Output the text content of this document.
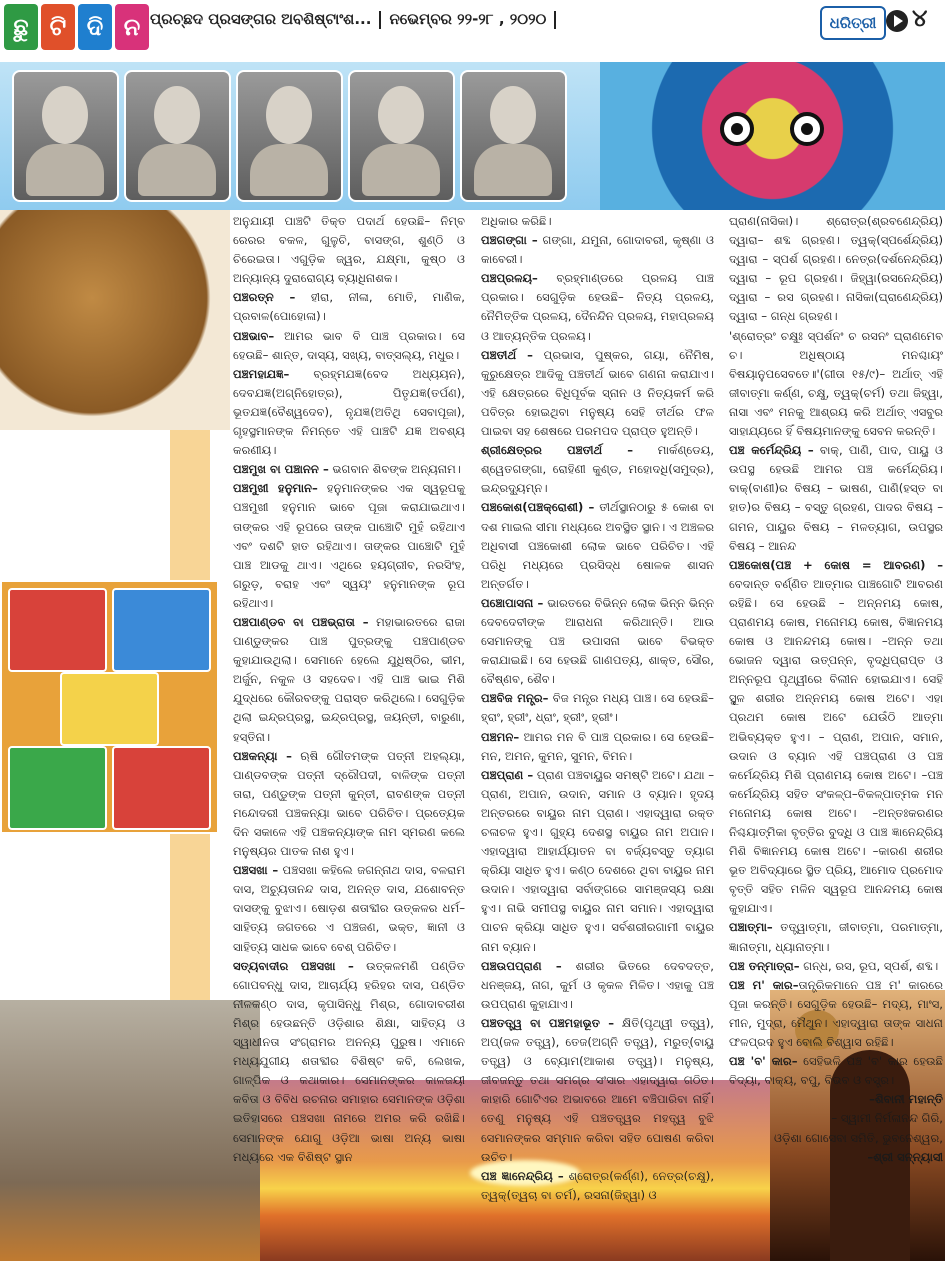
ଛୁ ଟି ଦି ନ ପ୍ରଚ୍ଛଦ ପ୍ରସଙ୍ଗର ଅବଶିଷ୍ଟାଂଶ... ନଭେମ୍ବର ୨୨-୨୮ , ୨୦୨୦	ଧରିତ୍ରୀ	୪

ଅନୁଯାୟୀ ପାଞ୍ଚଟି ତିକ୍ତ ପଦାର୍ଥ ହେଉଛି– ନିମ୍ବ ରେରର ବକଳ, ଗୁଳୁଚି, ବାସଙ୍ଗ, ଶୁଣ୍ଠି ଓ ଚିରେଇତା। ଏଗୁଡ଼ିକ ଜ୍ୱର, ଯକ୍ଷ୍ମା, କୁଷ୍ଠ ଓ ଅନ୍ୟାନ୍ୟ ଦୁରାରୋଗ୍ୟ ବ୍ୟାଧିନାଶକ।

ପଞ୍ଚରତ୍ନ – ହୀରା, ନୀଳା, ମୋତି, ମାଣିକ, ପ୍ରବାଳ(ପୋହୋଳା)।

ପଞ୍ଚଭାବ– ଆମର ଭାବ ବି ପାଞ୍ଚ ପ୍ରକାର। ସେ ହେଉଛି– ଶାନ୍ତ, ଦାସ୍ୟ, ସଖ୍ୟ, ବାତ୍ସଲ୍ୟ, ମଧୁର।

ପଞ୍ଚମହାଯଜ୍ଞ– ବ୍ରହ୍ମଯଜ୍ଞ(ବେଦ ଅଧ୍ୟୟନ), ଦେବଯଜ୍ଞ(ଅଗ୍ନିହୋତ୍ର), ପିତୃଯଜ୍ଞ(ତର୍ପଣ), ଭୂତଯଜ୍ଞ(ବୈଶ୍ୱଦେବ), ନୃଯଜ୍ଞ(ଅତିଥି ସେବାପୂଜା), ଗୃହସ୍ଥମାନଙ୍କ ନିମନ୍ତେ ଏହି ପାଞ୍ଚଟି ଯଜ୍ଞ ଅବଶ୍ୟ କରଣୀୟ।

ପଞ୍ଚମୁଖ ବା ପଞ୍ଚାନନ – ଭଗବାନ ଶିବଙ୍କ ଅନ୍ୟନାମ।

ପଞ୍ଚମୁଖୀ ହନୁମାନ– ହନୁମାନଙ୍କର ଏକ ସ୍ୱରୂପକୁ ପଞ୍ଚମୁଖୀ ହନୁମାନ ଭାବେ ପୂଜା କରାଯାଇଥାଏ। ତାଙ୍କର ଏହି ରୂପରେ ତାଙ୍କ ପାଞ୍ଚୋଟି ମୁହଁ ରହିଥାଏ ଏବଂ ଦଶଟି ହାତ ରହିଥାଏ। ତାଙ୍କର ପାଞ୍ଚୋଟି ମୁହଁ ପାଞ୍ଚ ଆଡକୁ ଥାଏ। ଏଥିରେ ହୟଗ୍ରୀବ, ନରସିଂହ, ଗରୁଡ଼, ବରାହ ଏବଂ ସ୍ୱୟଂ ହନୁମାନଙ୍କ ରୂପ ରହିଥାଏ।

ପଞ୍ଚପାଣ୍ଡବ ବା ପଞ୍ଚଭ୍ରାତା – ମହାଭାରତରେ ରାଜା ପାଣ୍ଡୁଙ୍କର ପାଞ୍ଚ ପୁତ୍ରଙ୍କୁ ପଞ୍ଚପାଣ୍ଡବ କୁହାଯାଉଥିଲା। ସେମାନେ ହେଲେ ଯୁଧିଷ୍ଠିର, ଭୀମ, ଅର୍ଜୁନ, ନକୁଳ ଓ ସହଦେବ। ଏହି ପାଞ୍ଚ ଭାଇ ମିଶି ଯୁଦ୍ଧରେ କୌରବଙ୍କୁ ପରାସ୍ତ କରିଥିଲେ। ସେଗୁଡ଼ିକ ଥିଲା ଇନ୍ଦ୍ରପ୍ରସ୍ଥ, ଇନ୍ଦ୍ରପ୍ରସ୍ଥ, ଜୟନ୍ତୀ, ବାରୁଣା, ହସ୍ତିନା।

ପଞ୍ଚକନ୍ୟା – ଋଷି ଗୌତମଙ୍କ ପତ୍ନୀ ଅହଲ୍ୟା, ପାଣ୍ଡବଙ୍କ ପତ୍ନୀ ଦ୍ରୌପଦୀ, ବାଳିଙ୍କ ପତ୍ନୀ ତାରା, ପଣ୍ଡୁଙ୍କ ପତ୍ନୀ କୁନ୍ତୀ, ରାବଣଙ୍କ ପତ୍ନୀ ମନ୍ଦୋଦରୀ ପଞ୍ଚକନ୍ୟା ଭାବେ ପରିଚିତ। ପ୍ରତ୍ୟେକ ଦିନ ସକାଳେ ଏହି ପଞ୍ଚକନ୍ୟାଙ୍କ ନାମ ସ୍ମରଣ କଲେ ମନୁଷ୍ୟର ପାତକ ନାଶ ହୁଏ।

ପଞ୍ଚସଖା – ପଞ୍ଚସଖା କହିଲେ ଜଗନ୍ନାଥ ଦାସ, ବଳରାମ ଦାସ, ଅଚ୍ୟୁତାନନ୍ଦ ଦାସ, ଅନନ୍ତ ଦାସ, ଯଶୋବନ୍ତ ଦାସଙ୍କୁ ବୁଝାଏ। ଷୋଡ଼ଶ ଶତାବ୍ଦୀର ଉତ୍କଳର ଧର୍ମ–ସାହିତ୍ୟ ଜଗତରେ ଏ ପଞ୍ଚଜଣ, ଭକ୍ତ, ଜ୍ଞାନୀ ଓ ସାହିତ୍ୟ ସାଧକ ଭାବେ ବେଶ୍ ପରିଚିତ।

ସତ୍ୟବାଦୀର ପଞ୍ଚସଖା – ଉତ୍କଳମଣି ପଣ୍ଡିତ ଗୋପବନ୍ଧୁ ଦାସ, ଆଚାର୍ଯ୍ୟ ହରିହର ଦାସ, ପଣ୍ଡିତ ନୀଳକଣ୍ଠ ଦାସ, କୃପାସିନ୍ଧୁ ମିଶ୍ର, ଗୋଦାବରୀଶ ମିଶ୍ର ହେଉଛନ୍ତି ଓଡ଼ିଶାର ଶିକ୍ଷା, ସାହିତ୍ୟ ଓ ସ୍ୱାଧୀନତା ସଂଗ୍ରାମର ଅନନ୍ୟ ପୁରୁଷ। ଏମାନେ ମଧ୍ୟଯୁଗୀୟ ଶତାବ୍ଦୀର ବିଶିଷ୍ଟ କବି, ଲେଖକ, ଗାଳ୍ପିକ ଓ କଥାକାର। ସେମାନଙ୍କର କାଳଜୟୀ କବିତା ଓ ବିବିଧ ରଚନାର ସମାହାର ସେମାନଙ୍କ ଓଡ଼ିଶା ଇତିହାସରେ ପଞ୍ଚସଖା ନାମରେ ଅମର କରି ରଖିଛି। ସେମାନଙ୍କ ଯୋଗୁ ଓଡ଼ିଆ ଭାଷା ଅନ୍ୟ ଭାଷା ମଧ୍ୟରେ ଏକ ବିଶିଷ୍ଟ ସ୍ଥାନ

ଅଧିକାର କରିଛି।

ପଞ୍ଚଗଙ୍ଗା – ଗଙ୍ଗା, ଯମୁନା, ଗୋଦାବରୀ, କୃଷ୍ଣା ଓ କାବେରୀ।

ପଞ୍ଚପ୍ରଳୟ– ବ୍ରହ୍ମାଣ୍ଡରେ ପ୍ରଳୟ ପାଞ୍ଚ ପ୍ରକାର। ସେଗୁଡ଼ିକ ହେଉଛି– ନିତ୍ୟ ପ୍ରଳୟ, ନୈମିତ୍ତିକ ପ୍ରଳୟ, ଦୈନନ୍ଦିନ ପ୍ରଳୟ, ମହାପ୍ରଳୟ ଓ ଆତ୍ୟନ୍ତିକ ପ୍ରଳୟ।

ପଞ୍ଚତୀର୍ଥ – ପ୍ରଭାସ, ପୁଷ୍କର, ଗୟା, ନୈମିଷ, କୁରୁକ୍ଷେତ୍ର ଆଦିକୁ ପଞ୍ଚତୀର୍ଥ ଭାବେ ଗଣନା କରାଯାଏ। ଏହି କ୍ଷେତ୍ରରେ ବିଧିପୂର୍ବକ ସ୍ନାନ ଓ ନିତ୍ୟକର୍ମ କରି ପବିତ୍ର ହୋଇଥିବା ମନୁଷ୍ୟ ସେହି ତୀର୍ଥର ଫଳ ପାଇବା ସହ ଶେଷରେ ପରମପଦ ପ୍ରାପ୍ତ ହୁଅନ୍ତି।

ଶ୍ରୀକ୍ଷେତ୍ରର ପଞ୍ଚତୀର୍ଥ – ମାର୍କଣ୍ଡେୟ, ଶ୍ୱେତଗଙ୍ଗା, ରୋହିଣୀ କୁଣ୍ଡ, ମହୋଦଧି(ସମୁଦ୍ର), ଇନ୍ଦ୍ରଦ୍ୟୁମ୍ନ।

ପଞ୍ଚକୋଶ(ପଞ୍ଚକ୍ରୋଶୀ) – ତୀର୍ଥସ୍ଥାନଠାରୁ ୫ କୋଶ ବା ଦଶ ମାଇଲ ସୀମା ମଧ୍ୟରେ ଅବସ୍ଥିତ ସ୍ଥାନ। ଏ ଅଞ୍ଚଳର ଅଧିବାସୀ ପଞ୍ଚକୋଶୀ ଲୋକ ଭାବେ ପରିଚିତ। ଏହି ପରିଧି ମଧ୍ୟରେ ପ୍ରସିଦ୍ଧ ଷୋଳକ ଶାସନ ଅନ୍ତର୍ଗତ।

ପଞ୍ଚୋପାସନା – ଭାରତରେ ବିଭିନ୍ନ ଲୋକ ଭିନ୍ନ ଭିନ୍ନ ଦେବଦେବୀଙ୍କ ଆରାଧନା କରିଥାନ୍ତି। ଆଉ ସେମାନଙ୍କୁ ପଞ୍ଚ ଉପାସନା ଭାବେ ବିଭକ୍ତ କରାଯାଇଛି। ସେ ହେଉଛି ଗାଣପତ୍ୟ, ଶାକ୍ତ, ସୌର, ବୈଷ୍ଣବ, ଶୈବ।

ପଞ୍ଚବିଜ ମନ୍ତ୍ର– ବିଜ ମନ୍ତ୍ର ମଧ୍ୟ ପାଞ୍ଚ। ସେ ହେଉଛି– ହ୍ରାଂ, ହ୍ରୀଂ, ଧ୍ରାଂ, ହ୍ରୀଂ, ହ୍ରୀଂ।

ପଞ୍ଚମନ– ଆମର ମନ ବି ପାଞ୍ଚ ପ୍ରକାର। ସେ ହେଉଛି– ମନ, ଅମନ, କୁମନ, ସୁମନ, ବିମନ।

ପଞ୍ଚପ୍ରାଣ – ପ୍ରାଣ ପଞ୍ଚବାୟୁର ସମଷ୍ଟି ଅଟେ। ଯଥା – ପ୍ରାଣ, ଅପାନ, ଉଦାନ, ସମାନ ଓ ବ୍ୟାନ। ହୃଦୟ ଅନ୍ତରରେ ବାୟୁର ନାମ ପ୍ରାଣ। ଏହାଦ୍ୱାରା ରକ୍ତ ଚଳାଚଳ ହୁଏ। ଗୁହ୍ୟ ଦେଶସ୍ଥ ବାୟୁର ନାମ ଅପାନ। ଏହାଦ୍ୱାରା ଆହାର୍ଯ୍ୟାତନ ବା ବର୍ଜ୍ୟବସ୍ତୁ ତ୍ୟାଗ କ୍ରିୟା ସାଧିତ ହୁଏ। କଣ୍ଠ ଦେଶରେ ଥିବା ବାୟୁର ନାମ ଉଦାନ। ଏହାଦ୍ୱାରା ସର୍ବାଙ୍ଗରେ ସାମଞ୍ଜସ୍ୟ ରକ୍ଷା ହୁଏ। ନାଭି ସମୀପସ୍ଥ ବାୟୁର ନାମ ସମାନ। ଏହାଦ୍ୱାରା ପାଚନ କ୍ରିୟା ସାଧିତ ହୁଏ। ସର୍ବଶରୀରଗାମୀ ବାୟୁର ନାମ ବ୍ୟାନ।

ପଞ୍ଚଉପପ୍ରାଣ – ଶରୀର ଭିତରେ ଦେବଦତ୍ତ, ଧନଞ୍ଜୟ, ନାଗ, କୁର୍ମ ଓ କୃକଳ ମିଳିତ। ଏହାକୁ ପଞ୍ଚ ଉପପ୍ରାଣ କୁହାଯାଏ।

ପଞ୍ଚତତ୍ତ୍ୱ ବା ପଞ୍ଚମହାଭୂତ – କ୍ଷିତି(ପୃଥ୍ୱୀ ତତ୍ତ୍ୱ), ଅପ୍(ଜଳ ତତ୍ତ୍ୱ), ତେଜ(ଅଗ୍ନି ତତ୍ତ୍ୱ), ମରୁତ୍(ବାୟୁ ତତ୍ତ୍ୱ) ଓ ବ୍ୟୋମ(ଆକାଶ ତତ୍ତ୍ୱ)। ମନୁଷ୍ୟ, ଜୀବଜନ୍ତୁ ତଥା ସମଗ୍ର ସଂସାର ଏହାଦ୍ୱାରା ଗଠିତ। କାହାରି ଗୋଟିଏର ଅଭାବରେ ଆମେ ବଞ୍ଚିପାରିବା ନାହିଁ। ତେଣୁ ମନୁଷ୍ୟ ଏହି ପଞ୍ଚତତ୍ତ୍ୱର ମହତ୍ତ୍ୱ ବୁଝି ସେମାନଙ୍କର ସମ୍ମାନ କରିବା ସହିତ ପୋଷଣ କରିବା ଉଚିତ।

ପଞ୍ଚ ଜ୍ଞାନେନ୍ଦ୍ରିୟ – ଶ୍ରୋତ୍ର(କର୍ଣ୍ଣ), ନେତ୍ର(ଚକ୍ଷୁ), ତ୍ୱକ୍(ତ୍ୱଚା ବା ଚର୍ମ), ରସନା(ଜିହ୍ୱା) ଓ

ଘ୍ରାଣ(ନାସିକା)। ଶ୍ରୋତ୍ର(ଶ୍ରବଣେନ୍ଦ୍ରିୟ) ଦ୍ୱାରା– ଶବ୍ଦ ଗ୍ରହଣ। ତ୍ୱକ୍(ସ୍ପର୍ଶେନ୍ଦ୍ରିୟ) ଦ୍ୱାରା – ସ୍ପର୍ଶ ଗ୍ରହଣ। ନେତ୍ର(ଦର୍ଶନେନ୍ଦ୍ରିୟ) ଦ୍ୱାରା – ରୂପ ଗ୍ରହଣ। ଜିହ୍ୱା(ରସନେନ୍ଦ୍ରିୟ) ଦ୍ୱାରା – ରସ ଗ୍ରହଣ। ନାସିକା(ଘ୍ରାଣେନ୍ଦ୍ରିୟ) ଦ୍ୱାରା – ଗନ୍ଧ ଗ୍ରହଣ।

'ଶ୍ରୋତ୍ରଂ ଚକ୍ଷୁଃ ସ୍ପର୍ଶନଂ ଚ ରସନଂ ଘ୍ରାଣମେବ ଚ। ଅଧିଷ୍ଠାୟ ମନଶ୍ଚାୟଂ ବିଷୟାନୁପସେବତେ॥'(ଗୀତା ୧୫/୯)– ଅର୍ଥାତ୍ ଏହି ଜୀବାତ୍ମା କର୍ଣ୍ଣ, ଚକ୍ଷୁ, ତ୍ୱକ୍(ଚର୍ମ) ତଥା ଜିହ୍ୱା, ନାସା ଏବଂ ମନକୁ ଆଶ୍ରୟ କରି ଅର୍ଥାତ୍ ଏସବୁର ସାହାଯ୍ୟରେ ହିଁ ବିଷୟମାନଙ୍କୁ ସେବନ କରନ୍ତି।

ପଞ୍ଚ କର୍ମେନ୍ଦ୍ରିୟ – ବାକ୍, ପାଣି, ପାଦ, ପାୟୁ ଓ ଉପସ୍ଥ ହେଉଛି ଆମର ପଞ୍ଚ କର୍ମେନ୍ଦ୍ରିୟ। ବାକ୍(ବାଣୀ)ର ବିଷୟ – ଭାଷଣ, ପାଣି(ହସ୍ତ ବା ହାତ)ର ବିଷୟ – ବସ୍ତୁ ଗ୍ରହଣ, ପାଦର ବିଷୟ – ଗମନ, ପାୟୁର ବିଷୟ – ମଳତ୍ୟାଗ, ଉପସ୍ଥର ବିଷୟ – ଆନନ୍ଦ

ପଞ୍ଚକୋଷ(ପଞ୍ଚ + କୋଷ = ଆବରଣ) – ବେଦାନ୍ତ ବର୍ଣ୍ଣିତ ଆତ୍ମାର ପାଞ୍ଚଗୋଟି ଆବରଣ ରହିଛି। ସେ ହେଉଛି – ଅନ୍ନମୟ କୋଷ, ପ୍ରାଣମୟ କୋଷ, ମନୋମୟ କୋଷ, ବିଜ୍ଞାନମୟ କୋଷ ଓ ଆନନ୍ଦମୟ କୋଷ। –ଅନ୍ନ ତଥା ଭୋଜନ ଦ୍ୱାରା ଉତ୍ପନ୍ନ, ବୃଦ୍ଧିପ୍ରାପ୍ତ ଓ ଅନ୍ନରୂପ ପୃଥ୍ୱୀରେ ବିଲୀନ ହୋଇଯାଏ। ସେହି ସ୍ଥୂଳ ଶରୀର ଅନ୍ନମୟ କୋଷ ଅଟେ। ଏହା ପ୍ରଥମ କୋଷ ଅଟେ ଯେଉଁଠି ଆତ୍ମା ଅଭିବ୍ୟକ୍ତ ହୁଏ। – ପ୍ରାଣ, ଅପାନ, ସମାନ, ଉଦାନ ଓ ବ୍ୟାନ ଏହି ପଞ୍ଚପ୍ରାଣ ଓ ପଞ୍ଚ କର୍ମେନ୍ଦ୍ରିୟ ମିଶି ପ୍ରାଣମୟ କୋଷ ଅଟେ। –ପଞ୍ଚ କର୍ମେନ୍ଦ୍ରିୟ ସହିତ ସଂକଳ୍ପ–ବିକଳ୍ପାତ୍ମକ ମନ ମନୋମୟ କୋଷ ଅଟେ। –ଅନ୍ତଃକରଣର ନିଶ୍ଚୟାତ୍ମିକା ବୃତ୍ତିର ବୁଦ୍ଧି ଓ ପାଞ୍ଚ ଜ୍ଞାନେନ୍ଦ୍ରିୟ ମିଶି ବିଜ୍ଞାନମୟ କୋଷ ଅଟେ। –କାରଣ ଶରୀର ଭୂତ ଅବିଦ୍ୟାରେ ସ୍ଥିତ ପ୍ରିୟ, ଆମୋଦ ପ୍ରମୋଦ ବୃତ୍ତି ସହିତ ମଳିନ ସ୍ୱରୂପ ଆନନ୍ଦମୟ କୋଷ କୁହାଯାଏ।

ପଞ୍ଚାତ୍ମା– ତତ୍ତ୍ୱାତ୍ମା, ଜୀବାତ୍ମା, ପରମାତ୍ମା, ଜ୍ଞାନାତ୍ମା, ଧ୍ୟାନାତ୍ମା।

ପଞ୍ଚ ତନ୍ମାତ୍ରା– ଗନ୍ଧ, ରସ, ରୂପ, ସ୍ପର୍ଶ, ଶବ୍ଦ।

ପଞ୍ଚ ମ' କାର–ତାନ୍ତ୍ରିକମାନେ ପଞ୍ଚ ମ' କାରରେ ପୂଜା କରନ୍ତି। ସେଗୁଡ଼ିକ ହେଉଛି– ମଦ୍ୟ, ମାଂସ, ମୀନ, ମୁଦ୍ରା, ମୈଥୁନ। ଏହାଦ୍ୱାରା ତାଙ୍କ ସାଧନା ଫଳପ୍ରଦ ହୁଏ ବୋଲି ବିଶ୍ୱାସ ରହିଛି।

ପଞ୍ଚ 'ବ' କାର– ସେହିଭଳି ପଞ୍ଚ 'ବ' କାର ହେଉଛି ବିଦ୍ୟା, ବାକ୍ୟ, ବପୁ, ବିଭବ ଓ ବସ୍ତ୍ର।

–ଶିବାନୀ ମହାନ୍ତି

– ସ୍ୱାମୀ ନିର୍ମଳାନନ୍ଦ ଗିରି,

ଓଡ଼ିଶା ଗୋସେବା ସମିତି, ଭୁବନେଶ୍ୱର,

–ଶ୍ରୀ ସନ୍ନ୍ୟାସୀ
